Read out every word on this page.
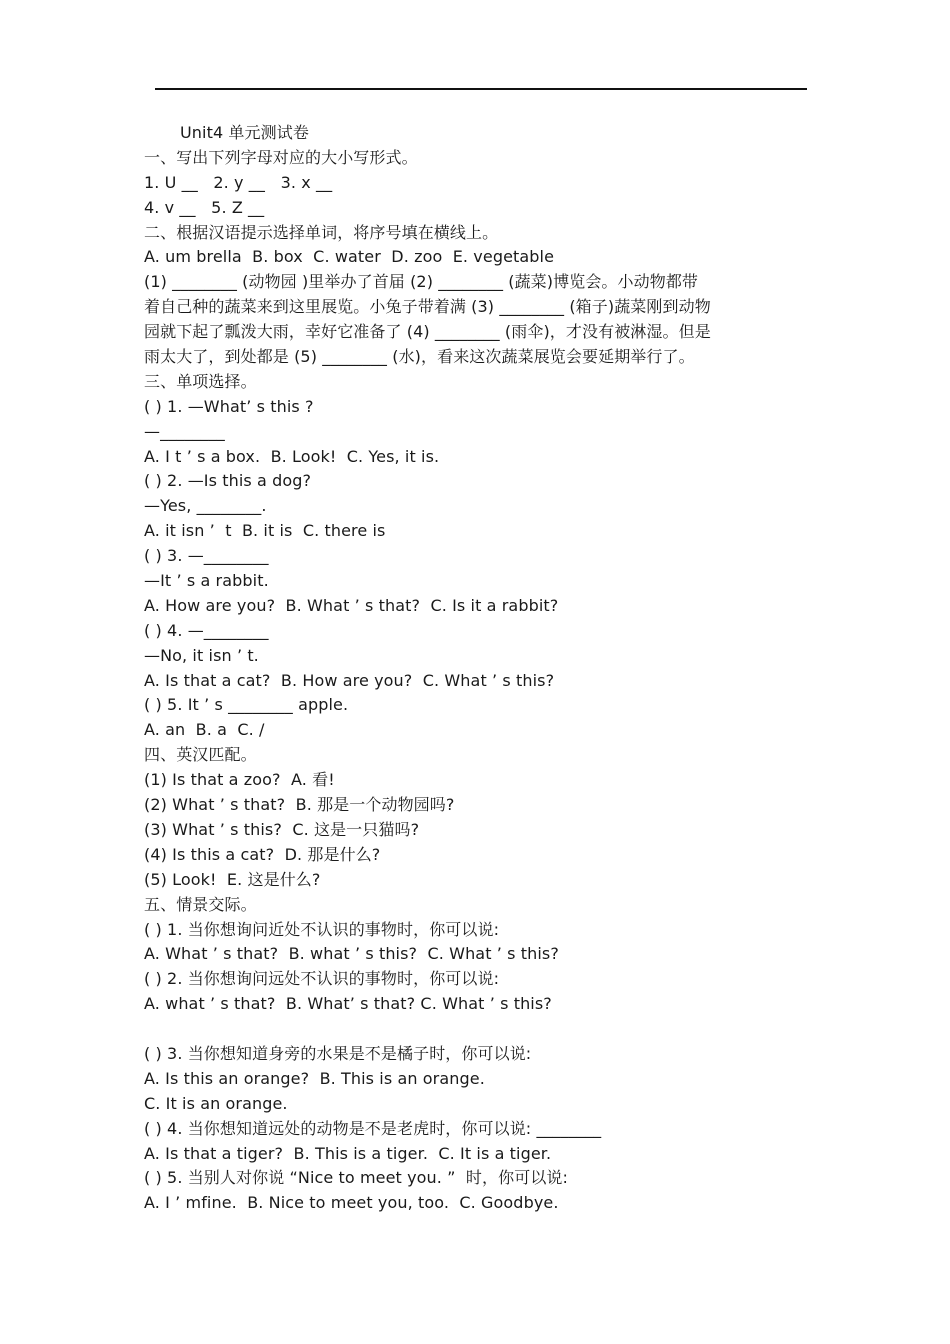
Unit4 单元测试卷
一、写出下列字母对应的大小写形式。
1. U __   2. y __   3. x __
4. v __   5. Z __
二、根据汉语提示选择单词，将序号填在横线上。
A. um brella  B. box  C. water  D. zoo  E. vegetable
(1) ________ (动物园 )里举办了首届 (2) ________ (蔬菜)博览会。小动物都带
着自己种的蔬菜来到这里展览。小兔子带着满 (3) ________ (箱子)蔬菜刚到动物
园就下起了瓢泼大雨，幸好它准备了 (4) ________ (雨伞)，才没有被淋湿。但是
雨太大了，到处都是 (5) ________ (水)，看来这次蔬菜展览会要延期举行了。
三、单项选择。
( ) 1. —What’ s this ?
—________
A. I t ’ s a box.  B. Look!  C. Yes, it is.
( ) 2. —Is this a dog?
—Yes, ________.
A. it isn ’  t  B. it is  C. there is
( ) 3. —________
—It ’ s a rabbit.
A. How are you?  B. What ’ s that?  C. Is it a rabbit?
( ) 4. —________
—No, it isn ’ t.
A. Is that a cat?  B. How are you?  C. What ’ s this?
( ) 5. It ’ s ________ apple.
A. an  B. a  C. /
四、英汉匹配。
(1) Is that a zoo?  A. 看!
(2) What ’ s that?  B. 那是一个动物园吗?
(3) What ’ s this?  C. 这是一只猫吗?
(4) Is this a cat?  D. 那是什么?
(5) Look!  E. 这是什么?
五、情景交际。
( ) 1. 当你想询问近处不认识的事物时，你可以说:
A. What ’ s that?  B. what ’ s this?  C. What ’ s this?
( ) 2. 当你想询问远处不认识的事物时，你可以说:
A. what ’ s that?  B. What’ s that? C. What ’ s this?
( ) 3. 当你想知道身旁的水果是不是橘子时，你可以说:
A. Is this an orange?  B. This is an orange.
C. It is an orange.
( ) 4. 当你想知道远处的动物是不是老虎时，你可以说: ________
A. Is that a tiger?  B. This is a tiger.  C. It is a tiger.
( ) 5. 当别人对你说 “Nice to meet you. ”  时，你可以说:
A. I ’ mfine.  B. Nice to meet you, too.  C. Goodbye.
